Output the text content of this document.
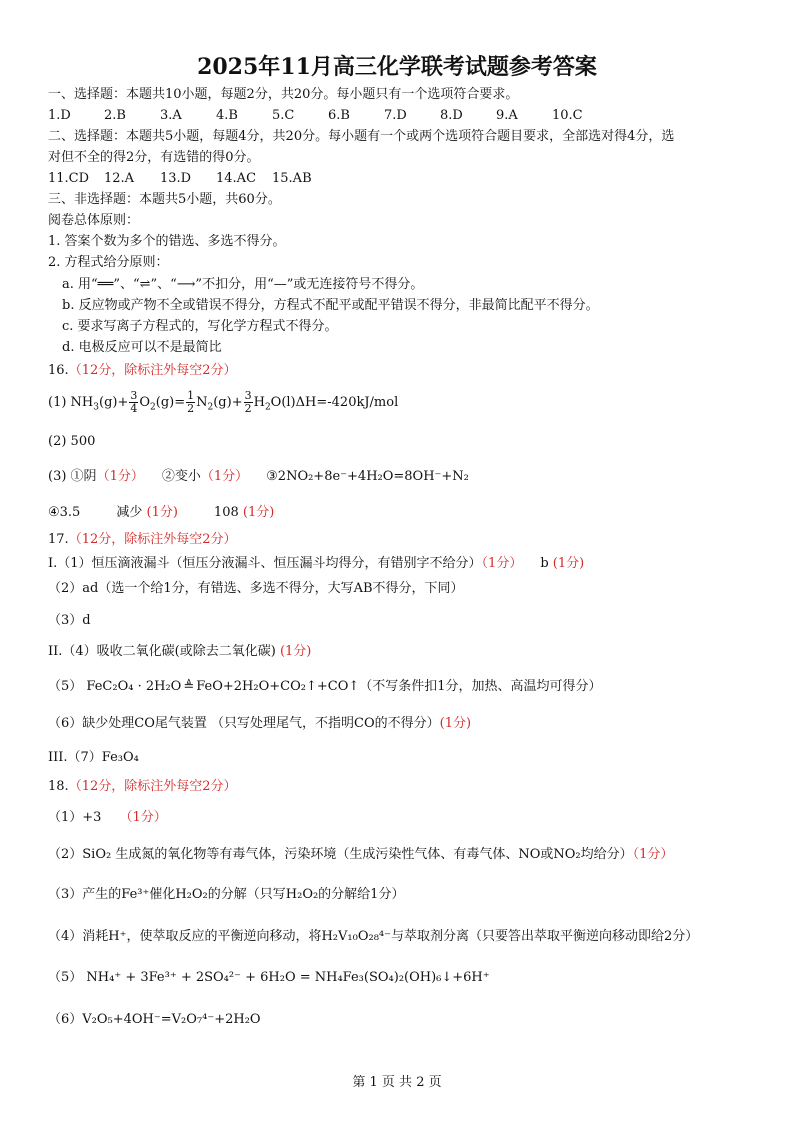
2025年11月高三化学联考试题参考答案
一、选择题：本题共10小题，每题2分，共20分。每小题只有一个选项符合要求。
1.D	2.B	3.A	4.B	5.C	6.B	7.D	8.D	9.A	10.C
二、选择题：本题共5小题，每题4分，共20分。每小题有一个或两个选项符合题目要求，全部选对得4分，选
对但不全的得2分，有选错的得0分。
11.CD 12.A 13.D 14.AC 15.AB
三、非选择题：本题共5小题，共60分。
阅卷总体原则：
1. 答案个数为多个的错选、多选不得分。
2. 方程式给分原则：
a. 用“══”、“⇌”、“⟶”不扣分，用“—”或无连接符号不得分。
b. 反应物或产物不全或错误不得分，方程式不配平或配平错误不得分，非最简比配平不得分。
c. 要求写离子方程式的，写化学方程式不得分。
d. 电极反应可以不是最简比
16.（12分，除标注外每空2分）
(1) $NH_3(g)+ \frac{3}{4} O_2(g)= \frac{1}{2} N_2(g)+ \frac{3}{2} H_2O(l)\Delta H=-420kJ/mol$
(2) 500
(3) ①阴（1分） ②变小（1分） ③2NO₂+8e⁻+4H₂O=8OH⁻+N₂
④3.5	减少 (1分)	108 (1分)
17.（12分，除标注外每空2分）
I.（1）恒压滴液漏斗（恒压分液漏斗、恒压漏斗均得分，有错别字不给分）（1分） b (1分)
（2）ad（选一个给1分，有错选、多选不得分，大写AB不得分，下同）
（3）d
II.（4）吸收二氧化碳(或除去二氧化碳) (1分)
（5） FeC₂O₄ · 2H₂O ≜ FeO+2H₂O+CO₂↑+CO↑（不写条件扣1分，加热、高温均可得分）
（6）缺少处理CO尾气装置 （只写处理尾气，不指明CO的不得分）(1分)
III.（7）Fe₃O₄
18.（12分，除标注外每空2分）
（1）+3 （1分）
（2）SiO₂ 生成氮的氧化物等有毒气体，污染环境（生成污染性气体、有毒气体、NO或NO₂均给分）（1分）
（3）产生的Fe³⁺催化H₂O₂的分解（只写H₂O₂的分解给1分）
（4）消耗H⁺，使萃取反应的平衡逆向移动，将H₂V₁₀O₂₈⁴⁻与萃取剂分离（只要答出萃取平衡逆向移动即给2分）
（5） NH₄⁺ + 3Fe³⁺ + 2SO₄²⁻ + 6H₂O = NH₄Fe₃(SO₄)₂(OH)₆↓+6H⁺
（6）V₂O₅+4OH⁻=V₂O₇⁴⁻+2H₂O
第 1 页 共 2 页
